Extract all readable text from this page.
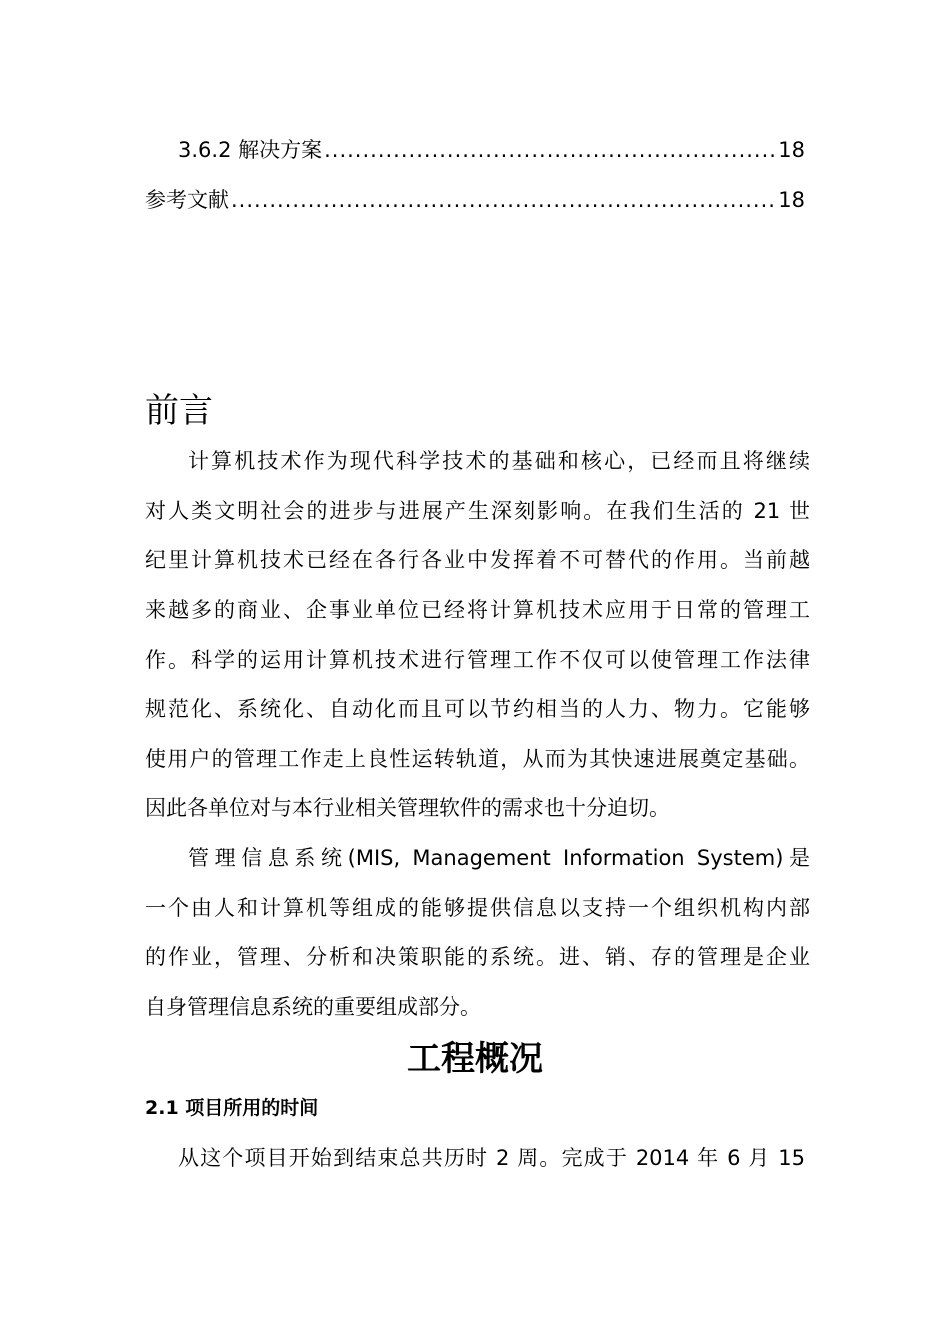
3.6.2 解决方案 .....	18
参考文献 .....	18
前言
计算机技术作为现代科学技术的基础和核心，已经而且将继续
对人类文明社会的进步与进展产生深刻影响。在我们生活的 21 世
纪里计算机技术已经在各行各业中发挥着不可替代的作用。当前越
来越多的商业、企事业单位已经将计算机技术应用于日常的管理工
作。科学的运用计算机技术进行管理工作不仅可以使管理工作法律
规范化、系统化、自动化而且可以节约相当的人力、物力。它能够
使用户的管理工作走上良性运转轨道，从而为其快速进展奠定基础。
因此各单位对与本行业相关管理软件的需求也十分迫切。
管理信息系统(MIS, Management Information System)是
一个由人和计算机等组成的能够提供信息以支持一个组织机构内部
的作业，管理、分析和决策职能的系统。进、销、存的管理是企业
自身管理信息系统的重要组成部分。
工程概况
2.1 项目所用的时间
从这个项目开始到结束总共历时 2 周。完成于 2014 年 6 月 15
